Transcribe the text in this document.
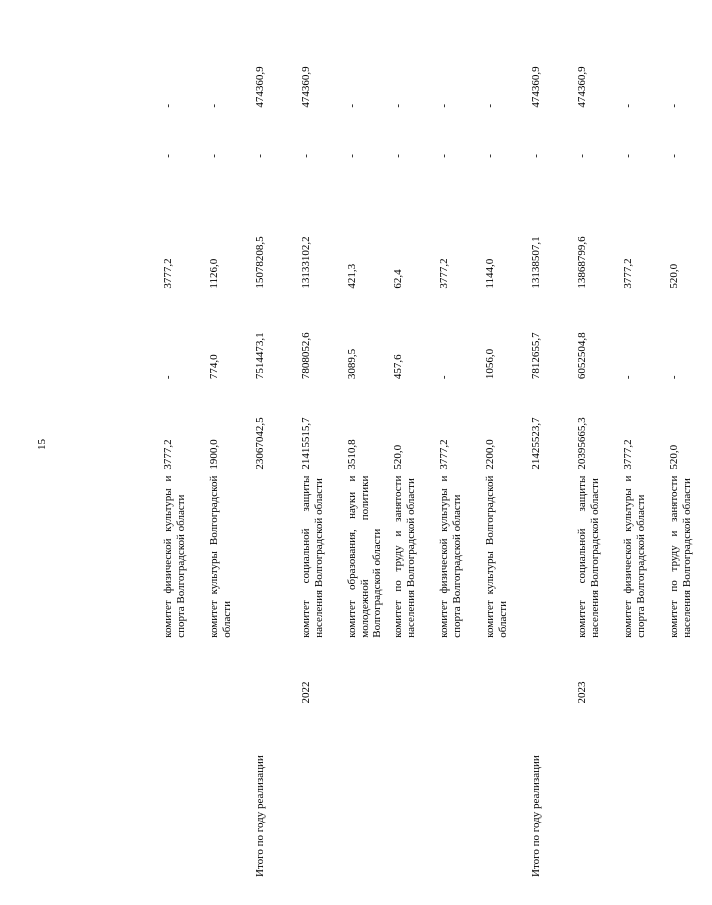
15
		комитет физической культуры и спорта Волгоградской области	3777,2	-	3777,2	-	-
		комитет культуры Волгоградской области	1900,0	774,0	1126,0	-	-
Итого по году реализации			23067042,5	7514473,1	15078208,5	-	474360,9
	2022	комитет социальной защиты населения Волгоградской области	21415515,7	7808052,6	13133102,2	-	474360,9
		комитет образования, науки и молодежной политики Волгоградской области	3510,8	3089,5	421,3	-	-
		комитет по труду и занятости населения Волгоградской области	520,0	457,6	62,4	-	-
		комитет физической культуры и спорта Волгоградской области	3777,2	-	3777,2	-	-
		комитет культуры Волгоградской области	2200,0	1056,0	1144,0	-	-
Итого по году реализации			21425523,7	7812655,7	13138507,1	-	474360,9
	2023	комитет социальной защиты населения Волгоградской области	20395665,3	6052504,8	13868799,6	-	474360,9
		комитет физической культуры и спорта Волгоградской области	3777,2	-	3777,2	-	-
		комитет по труду и занятости населения Волгоградской области	520,0	-	520,0	-	-
